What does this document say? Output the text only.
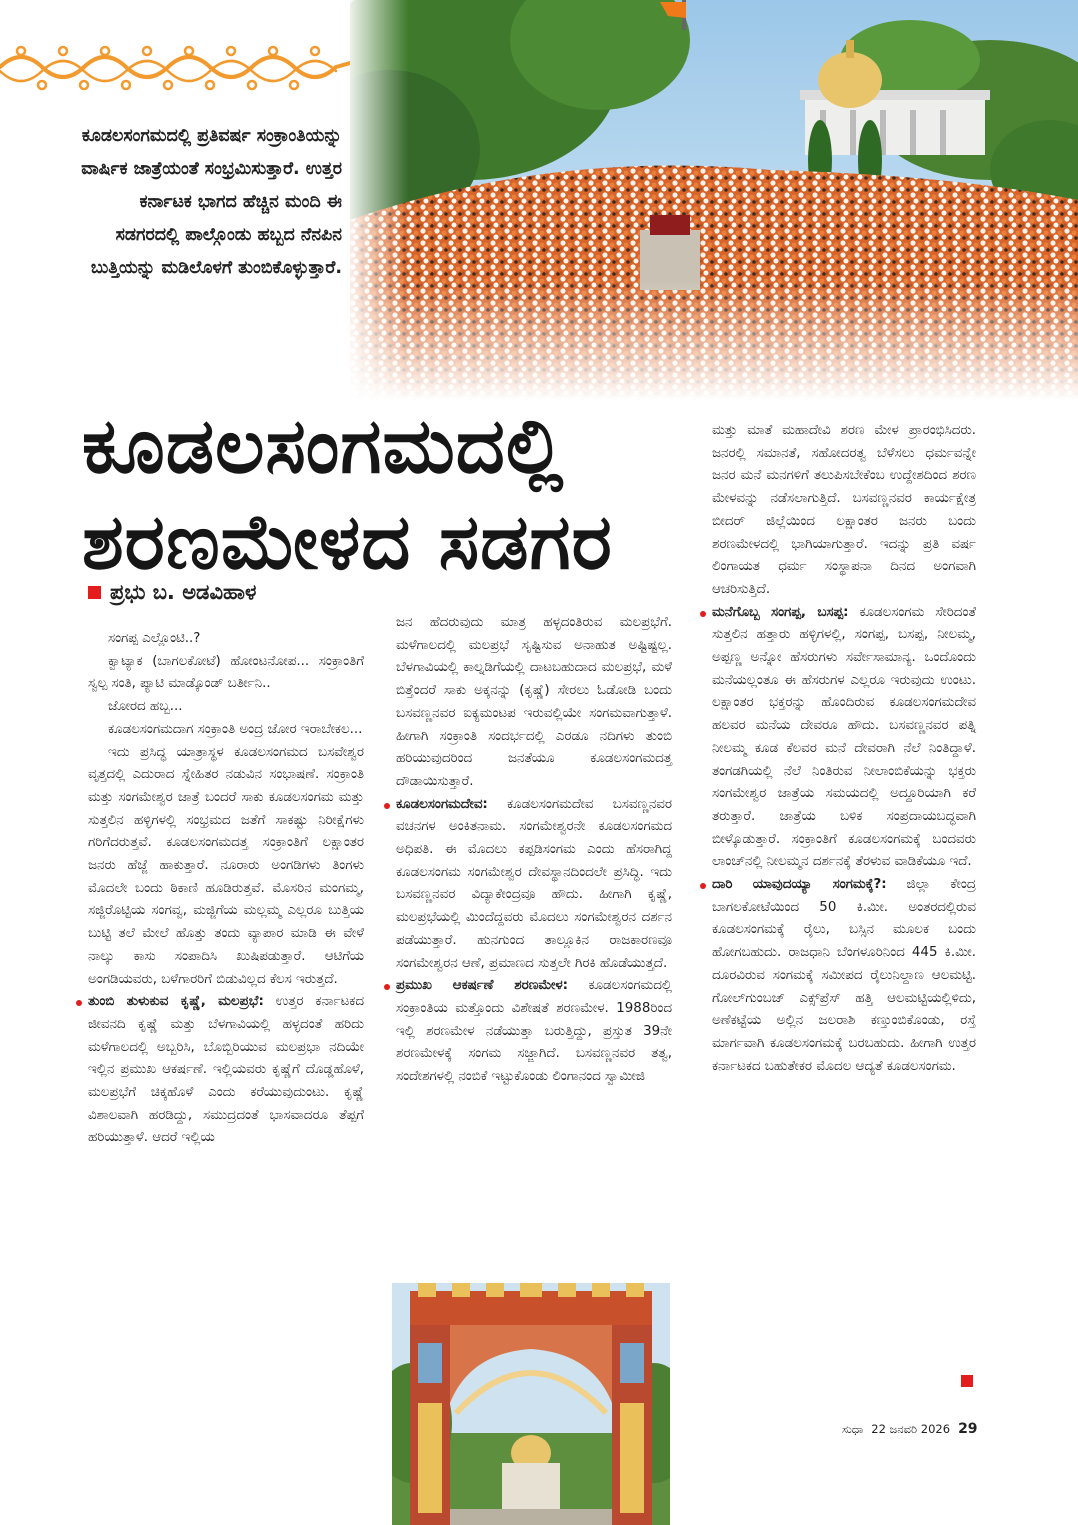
ಕೂಡಲಸಂಗಮದಲ್ಲಿ ಪ್ರತಿವರ್ಷ ಸಂಕ್ರಾಂತಿಯನ್ನು ವಾರ್ಷಿಕ ಜಾತ್ರೆಯಂತೆ ಸಂಭ್ರಮಿಸುತ್ತಾರೆ. ಉತ್ತರ ಕರ್ನಾಟಕ ಭಾಗದ ಹೆಚ್ಚಿನ ಮಂದಿ ಈ ಸಡಗರದಲ್ಲಿ ಪಾಲ್ಗೊಂಡು ಹಬ್ಬದ ನೆನಪಿನ ಬುತ್ತಿಯನ್ನು ಮಡಿಲೊಳಗೆ ತುಂಬಿಕೊಳ್ಳುತ್ತಾರೆ.
ಕೂಡಲಸಂಗಮದಲ್ಲಿ
ಶರಣಮೇಳದ ಸಡಗರ
ಪ್ರಭು ಬ. ಅಡವಿಹಾಳ

ಸಂಗಪ್ಪ ಎಲ್ಲೊಂಟಿ..?

ಕ್ವಾಟ್ಯಾಕ (ಬಾಗಲಕೋಟೆ) ಹೋಂಟನೋಪ... ಸಂಕ್ರಾಂತಿಗೆ ಸ್ವಲ್ಪ ಸಂತಿ, ಪ್ಯಾಟಿ ಮಾಡ್ಕೊಂಡ್ ಬರ್ತೀನಿ..

ಜೋರದ ಹಬ್ಬ...

ಕೂಡಲಸಂಗಮದಾಗ ಸಂಕ್ರಾಂತಿ ಅಂದ್ರ ಜೋರ ಇರಾಬೇಕಲ...

ಇದು ಪ್ರಸಿದ್ಧ ಯಾತ್ರಾಸ್ಥಳ ಕೂಡಲಸಂಗಮದ ಬಸವೇಶ್ವರ ವೃತ್ತದಲ್ಲಿ ಎದುರಾದ ಸ್ನೇಹಿತರ ನಡುವಿನ ಸಂಭಾಷಣೆ. ಸಂಕ್ರಾಂತಿ ಮತ್ತು ಸಂಗಮೇಶ್ವರ ಜಾತ್ರೆ ಬಂದರೆ ಸಾಕು ಕೂಡಲಸಂಗಮ ಮತ್ತು ಸುತ್ತಲಿನ ಹಳ್ಳಿಗಳಲ್ಲಿ ಸಂಭ್ರಮದ ಜತೆಗೆ ಸಾಕಷ್ಟು ನಿರೀಕ್ಷೆಗಳು ಗರಿಗೆದರುತ್ತವೆ. ಕೂಡಲಸಂಗಮದತ್ತ ಸಂಕ್ರಾಂತಿಗೆ ಲಕ್ಷಾಂತರ ಜನರು ಹೆಜ್ಜೆ ಹಾಕುತ್ತಾರೆ. ನೂರಾರು ಅಂಗಡಿಗಳು ತಿಂಗಳು ಮೊದಲೇ ಬಂದು ಠಿಕಾಣಿ ಹೂಡಿರುತ್ತವೆ. ಮೊಸರಿನ ಮಂಗಮ್ಮ, ಸಜ್ಜಿರೊಟ್ಟಿಯ ಸಂಗವ್ವ, ಮಜ್ಜಿಗೆಯ ಮಲ್ಲಮ್ಮ ಎಲ್ಲರೂ ಬುತ್ತಿಯ ಬುಟ್ಟಿ ತಲೆ ಮೇಲೆ ಹೊತ್ತು ತಂದು ವ್ಯಾಪಾರ ಮಾಡಿ ಈ ವೇಳೆ ನಾಲ್ಕು ಕಾಸು ಸಂಪಾದಿಸಿ ಖುಷಿಪಡುತ್ತಾರೆ. ಆಟಿಗೆಯ ಅಂಗಡಿಯವರು, ಬಳೆಗಾರರಿಗೆ ಬಿಡುವಿಲ್ಲದ ಕೆಲಸ ಇರುತ್ತದೆ.

ತುಂಬಿ ತುಳುಕುವ ಕೃಷ್ಣೆ, ಮಲಪ್ರಭೆ: ಉತ್ತರ ಕರ್ನಾಟಕದ ಜೀವನದಿ ಕೃಷ್ಣೆ ಮತ್ತು ಬೆಳಗಾವಿಯಲ್ಲಿ ಹಳ್ಳದಂತೆ ಹರಿದು ಮಳೆಗಾಲದಲ್ಲಿ ಅಬ್ಬರಿಸಿ, ಬೊಬ್ಬಿರಿಯುವ ಮಲಪ್ರಭಾ ನದಿಯೇ ಇಲ್ಲಿನ ಪ್ರಮುಖ ಆಕರ್ಷಣೆ. ಇಲ್ಲಿಯವರು ಕೃಷ್ಣೆಗೆ ದೊಡ್ಡಹೊಳೆ, ಮಲಪ್ರಭೆಗೆ ಚಿಕ್ಕಹೊಳೆ ಎಂದು ಕರೆಯುವುದುಂಟು. ಕೃಷ್ಣೆ ವಿಶಾಲವಾಗಿ ಹರಡಿದ್ದು, ಸಮುದ್ರದಂತೆ ಭಾಸವಾದರೂ ತೆಪ್ಪಗೆ ಹರಿಯುತ್ತಾಳೆ. ಆದರೆ ಇಲ್ಲಿಯ

ಜನ ಹೆದರುವುದು ಮಾತ್ರ ಹಳ್ಳದಂತಿರುವ ಮಲಪ್ರಭೆಗೆ. ಮಳೆಗಾಲದಲ್ಲಿ ಮಲಪ್ರಭೆ ಸೃಷ್ಟಿಸುವ ಅನಾಹುತ ಅಷ್ಟಿಷ್ಟಲ್ಲ. ಬೆಳಗಾವಿಯಲ್ಲಿ ಕಾಲ್ನಡಿಗೆಯಲ್ಲಿ ದಾಟಬಹುದಾದ ಮಲಪ್ರಭೆ, ಮಳೆ ಬಿತ್ತೆಂದರೆ ಸಾಕು ಅಕ್ಕನನ್ನು (ಕೃಷ್ಣೆ) ಸೇರಲು ಓಡೋಡಿ ಬಂದು ಬಸವಣ್ಣನವರ ಐಕ್ಯಮಂಟಪ ಇರುವಲ್ಲಿಯೇ ಸಂಗಮವಾಗುತ್ತಾಳೆ. ಹೀಗಾಗಿ ಸಂಕ್ರಾಂತಿ ಸಂದರ್ಭದಲ್ಲಿ ಎರಡೂ ನದಿಗಳು ತುಂಬಿ ಹರಿಯುವುದರಿಂದ ಜನತೆಯೂ ಕೂಡಲಸಂಗಮದತ್ತ ದೌಡಾಯಿಸುತ್ತಾರೆ.

ಕೂಡಲಸಂಗಮದೇವ: ಕೂಡಲಸಂಗಮದೇವ ಬಸವಣ್ಣನವರ ವಚನಗಳ ಅಂಕಿತನಾಮ. ಸಂಗಮೇಶ್ವರನೇ ಕೂಡಲಸಂಗಮದ ಅಧಿಪತಿ. ಈ ಮೊದಲು ಕಪ್ಪಡಿಸಂಗಮ ಎಂದು ಹೆಸರಾಗಿದ್ದ ಕೂಡಲಸಂಗಮ ಸಂಗಮೇಶ್ವರ ದೇವಸ್ಥಾನದಿಂದಲೇ ಪ್ರಸಿದ್ಧಿ. ಇದು ಬಸವಣ್ಣನವರ ವಿದ್ಯಾಕೇಂದ್ರವೂ ಹೌದು. ಹೀಗಾಗಿ ಕೃಷ್ಣೆ, ಮಲಪ್ರಭೆಯಲ್ಲಿ ಮಿಂದೆದ್ದವರು ಮೊದಲು ಸಂಗಮೇಶ್ವರನ ದರ್ಶನ ಪಡೆಯುತ್ತಾರೆ. ಹುನಗುಂದ ತಾಲ್ಲೂಕಿನ ರಾಜಕಾರಣವೂ ಸಂಗಮೇಶ್ವರನ ಆಣೆ, ಪ್ರಮಾಣದ ಸುತ್ತಲೇ ಗಿರಕಿ ಹೊಡೆಯುತ್ತದೆ.

ಪ್ರಮುಖ ಆಕರ್ಷಣೆ ಶರಣಮೇಳ: ಕೂಡಲಸಂಗಮದಲ್ಲಿ ಸಂಕ್ರಾಂತಿಯ ಮತ್ತೊಂದು ವಿಶೇಷತೆ ಶರಣಮೇಳ. 1988ರಿಂದ ಇಲ್ಲಿ ಶರಣಮೇಳ ನಡೆಯುತ್ತಾ ಬರುತ್ತಿದ್ದು, ಪ್ರಸ್ತುತ 39ನೇ ಶರಣಮೇಳಕ್ಕೆ ಸಂಗಮ ಸಜ್ಜಾಗಿದೆ. ಬಸವಣ್ಣನವರ ತತ್ವ, ಸಂದೇಶಗಳಲ್ಲಿ ನಂಬಿಕೆ ಇಟ್ಟುಕೊಂಡು ಲಿಂಗಾನಂದ ಸ್ವಾಮೀಜಿ

ಮತ್ತು ಮಾತೆ ಮಹಾದೇವಿ ಶರಣ ಮೇಳ ಪ್ರಾರಂಭಿಸಿದರು. ಜನರಲ್ಲಿ ಸಮಾನತೆ, ಸಹೋದರತ್ವ ಬೆಳೆಸಲು ಧರ್ಮವನ್ನೇ ಜನರ ಮನೆ ಮನಗಳಿಗೆ ತಲುಪಿಸಬೇಕೆಂಬ ಉದ್ದೇಶದಿಂದ ಶರಣ ಮೇಳವನ್ನು ನಡೆಸಲಾಗುತ್ತಿದೆ. ಬಸವಣ್ಣನವರ ಕಾರ್ಯಕ್ಷೇತ್ರ ಬೀದರ್ ಜಿಲ್ಲೆಯಿಂದ ಲಕ್ಷಾಂತರ ಜನರು ಬಂದು ಶರಣಮೇಳದಲ್ಲಿ ಭಾಗಿಯಾಗುತ್ತಾರೆ. ಇದನ್ನು ಪ್ರತಿ ವರ್ಷ ಲಿಂಗಾಯತ ಧರ್ಮ ಸಂಸ್ಥಾಪನಾ ದಿನದ ಅಂಗವಾಗಿ ಆಚರಿಸುತ್ತಿದೆ.

ಮನೆಗೊಬ್ಬ ಸಂಗಪ್ಪ, ಬಸಪ್ಪ: ಕೂಡಲಸಂಗಮ ಸೇರಿದಂತೆ ಸುತ್ತಲಿನ ಹತ್ತಾರು ಹಳ್ಳಿಗಳಲ್ಲಿ, ಸಂಗಪ್ಪ, ಬಸಪ್ಪ, ನೀಲಮ್ಮ, ಅಪ್ಪಣ್ಣ ಅನ್ನೋ ಹೆಸರುಗಳು ಸರ್ವೇಸಾಮಾನ್ಯ. ಒಂದೊಂದು ಮನೆಯಲ್ಲಂತೂ ಈ ಹೆಸರುಗಳ ಎಲ್ಲರೂ ಇರುವುದು ಉಂಟು. ಲಕ್ಷಾಂತರ ಭಕ್ತರನ್ನು ಹೊಂದಿರುವ ಕೂಡಲಸಂಗಮದೇವ ಹಲವರ ಮನೆಯ ದೇವರೂ ಹೌದು. ಬಸವಣ್ಣನವರ ಪತ್ನಿ ನೀಲಮ್ಮ ಕೂಡ ಕೆಲವರ ಮನೆ ದೇವರಾಗಿ ನೆಲೆ ನಿಂತಿದ್ದಾಳೆ. ತಂಗಡಗಿಯಲ್ಲಿ ನೆಲೆ ನಿಂತಿರುವ ನೀಲಾಂಬಿಕೆಯನ್ನು ಭಕ್ತರು ಸಂಗಮೇಶ್ವರ ಜಾತ್ರೆಯ ಸಮಯದಲ್ಲಿ ಅದ್ದೂರಿಯಾಗಿ ಕರೆ ತರುತ್ತಾರೆ. ಜಾತ್ರೆಯ ಬಳಿಕ ಸಂಪ್ರದಾಯಬದ್ಧವಾಗಿ ಬೀಳ್ಕೊಡುತ್ತಾರೆ. ಸಂಕ್ರಾಂತಿಗೆ ಕೂಡಲಸಂಗಮಕ್ಕೆ ಬಂದವರು ಲಾಂಚ್‌ನಲ್ಲಿ ನೀಲಮ್ಮನ ದರ್ಶನಕ್ಕೆ ತೆರಳುವ ವಾಡಿಕೆಯೂ ಇದೆ.

ದಾರಿ ಯಾವುದಯ್ಯಾ ಸಂಗಮಕ್ಕೆ?: ಜಿಲ್ಲಾ ಕೇಂದ್ರ ಬಾಗಲಕೋಟೆಯಿಂದ 50 ಕಿ.ಮೀ. ಅಂತರದಲ್ಲಿರುವ ಕೂಡಲಸಂಗಮಕ್ಕೆ ರೈಲು, ಬಸ್ಸಿನ ಮೂಲಕ ಬಂದು ಹೋಗಬಹುದು. ರಾಜಧಾನಿ ಬೆಂಗಳೂರಿನಿಂದ 445 ಕಿ.ಮೀ. ದೂರವಿರುವ ಸಂಗಮಕ್ಕೆ ಸಮೀಪದ ರೈಲುನಿಲ್ದಾಣ ಆಲಮಟ್ಟಿ. ಗೋಲ್‌ಗುಂಬಜ್ ಎಕ್ಸ್‌ಪ್ರೆಸ್ ಹತ್ತಿ ಆಲಮಟ್ಟಿಯಲ್ಲಿಳಿದು, ಅಣೆಕಟ್ಟೆಯ ಅಲ್ಲಿನ ಜಲರಾಶಿ ಕಣ್ತುಂಬಿಕೊಂಡು, ರಸ್ತೆ ಮಾರ್ಗವಾಗಿ ಕೂಡಲಸಂಗಮಕ್ಕೆ ಬರಬಹುದು. ಹೀಗಾಗಿ ಉತ್ತರ ಕರ್ನಾಟಕದ ಬಹುತೇಕರ ಮೊದಲ ಆದ್ಯತೆ ಕೂಡಲಸಂಗಮ.

ಸುಧಾ 22 ಜನವರಿ 2026 29
